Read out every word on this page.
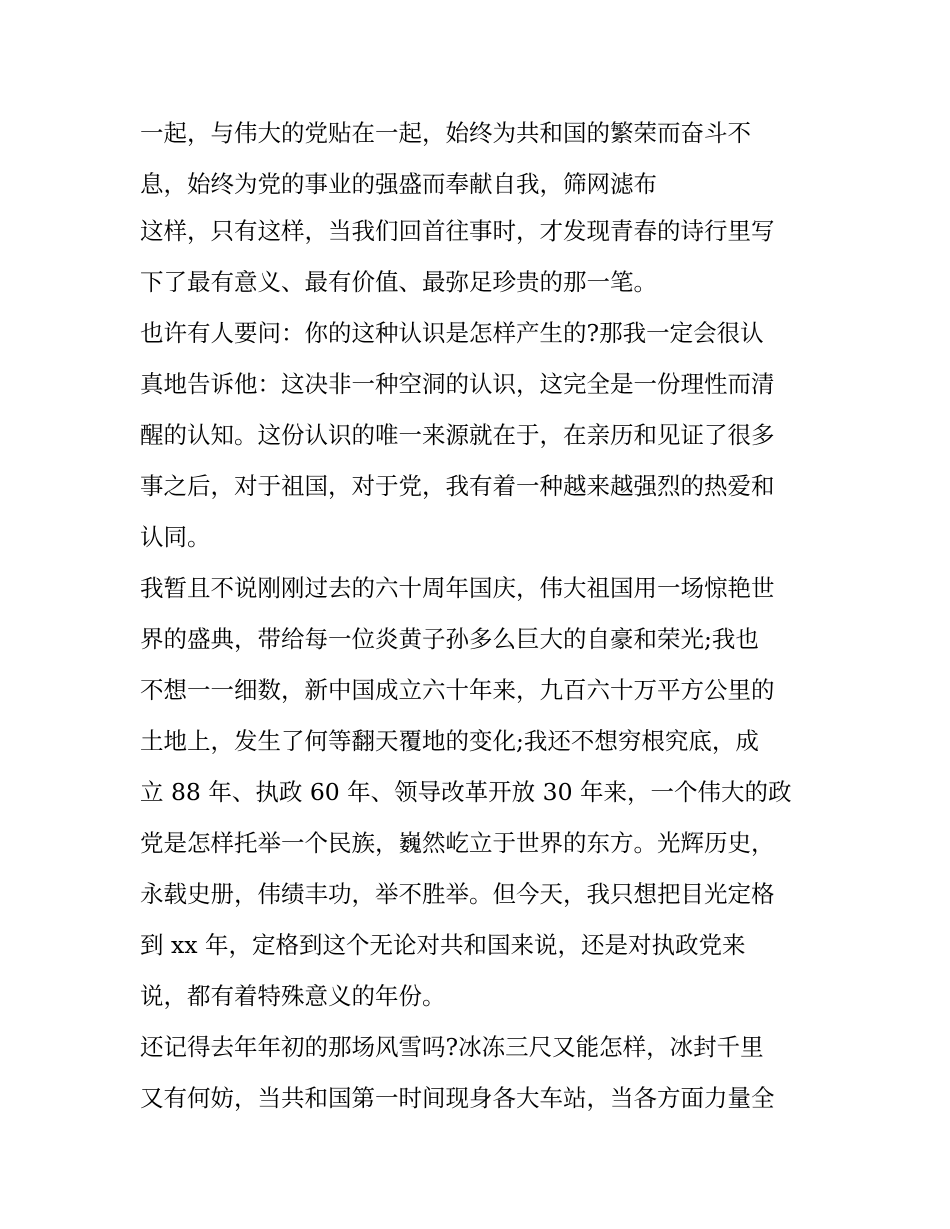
一起，与伟大的党贴在一起，始终为共和国的繁荣而奋斗不
息，始终为党的事业的强盛而奉献自我，筛网滤布
这样，只有这样，当我们回首往事时，才发现青春的诗行里写
下了最有意义、最有价值、最弥足珍贵的那一笔。
也许有人要问：你的这种认识是怎样产生的?那我一定会很认
真地告诉他：这决非一种空洞的认识，这完全是一份理性而清
醒的认知。这份认识的唯一来源就在于，在亲历和见证了很多
事之后，对于祖国，对于党，我有着一种越来越强烈的热爱和
认同。
我暂且不说刚刚过去的六十周年国庆，伟大祖国用一场惊艳世
界的盛典，带给每一位炎黄子孙多么巨大的自豪和荣光;我也
不想一一细数，新中国成立六十年来，九百六十万平方公里的
土地上，发生了何等翻天覆地的变化;我还不想穷根究底，成
立 88 年、执政 60 年、领导改革开放 30 年来，一个伟大的政
党是怎样托举一个民族，巍然屹立于世界的东方。光辉历史，
永载史册，伟绩丰功，举不胜举。但今天，我只想把目光定格
到 xx 年，定格到这个无论对共和国来说，还是对执政党来
说，都有着特殊意义的年份。
还记得去年年初的那场风雪吗?冰冻三尺又能怎样，冰封千里
又有何妨，当共和国第一时间现身各大车站，当各方面力量全
